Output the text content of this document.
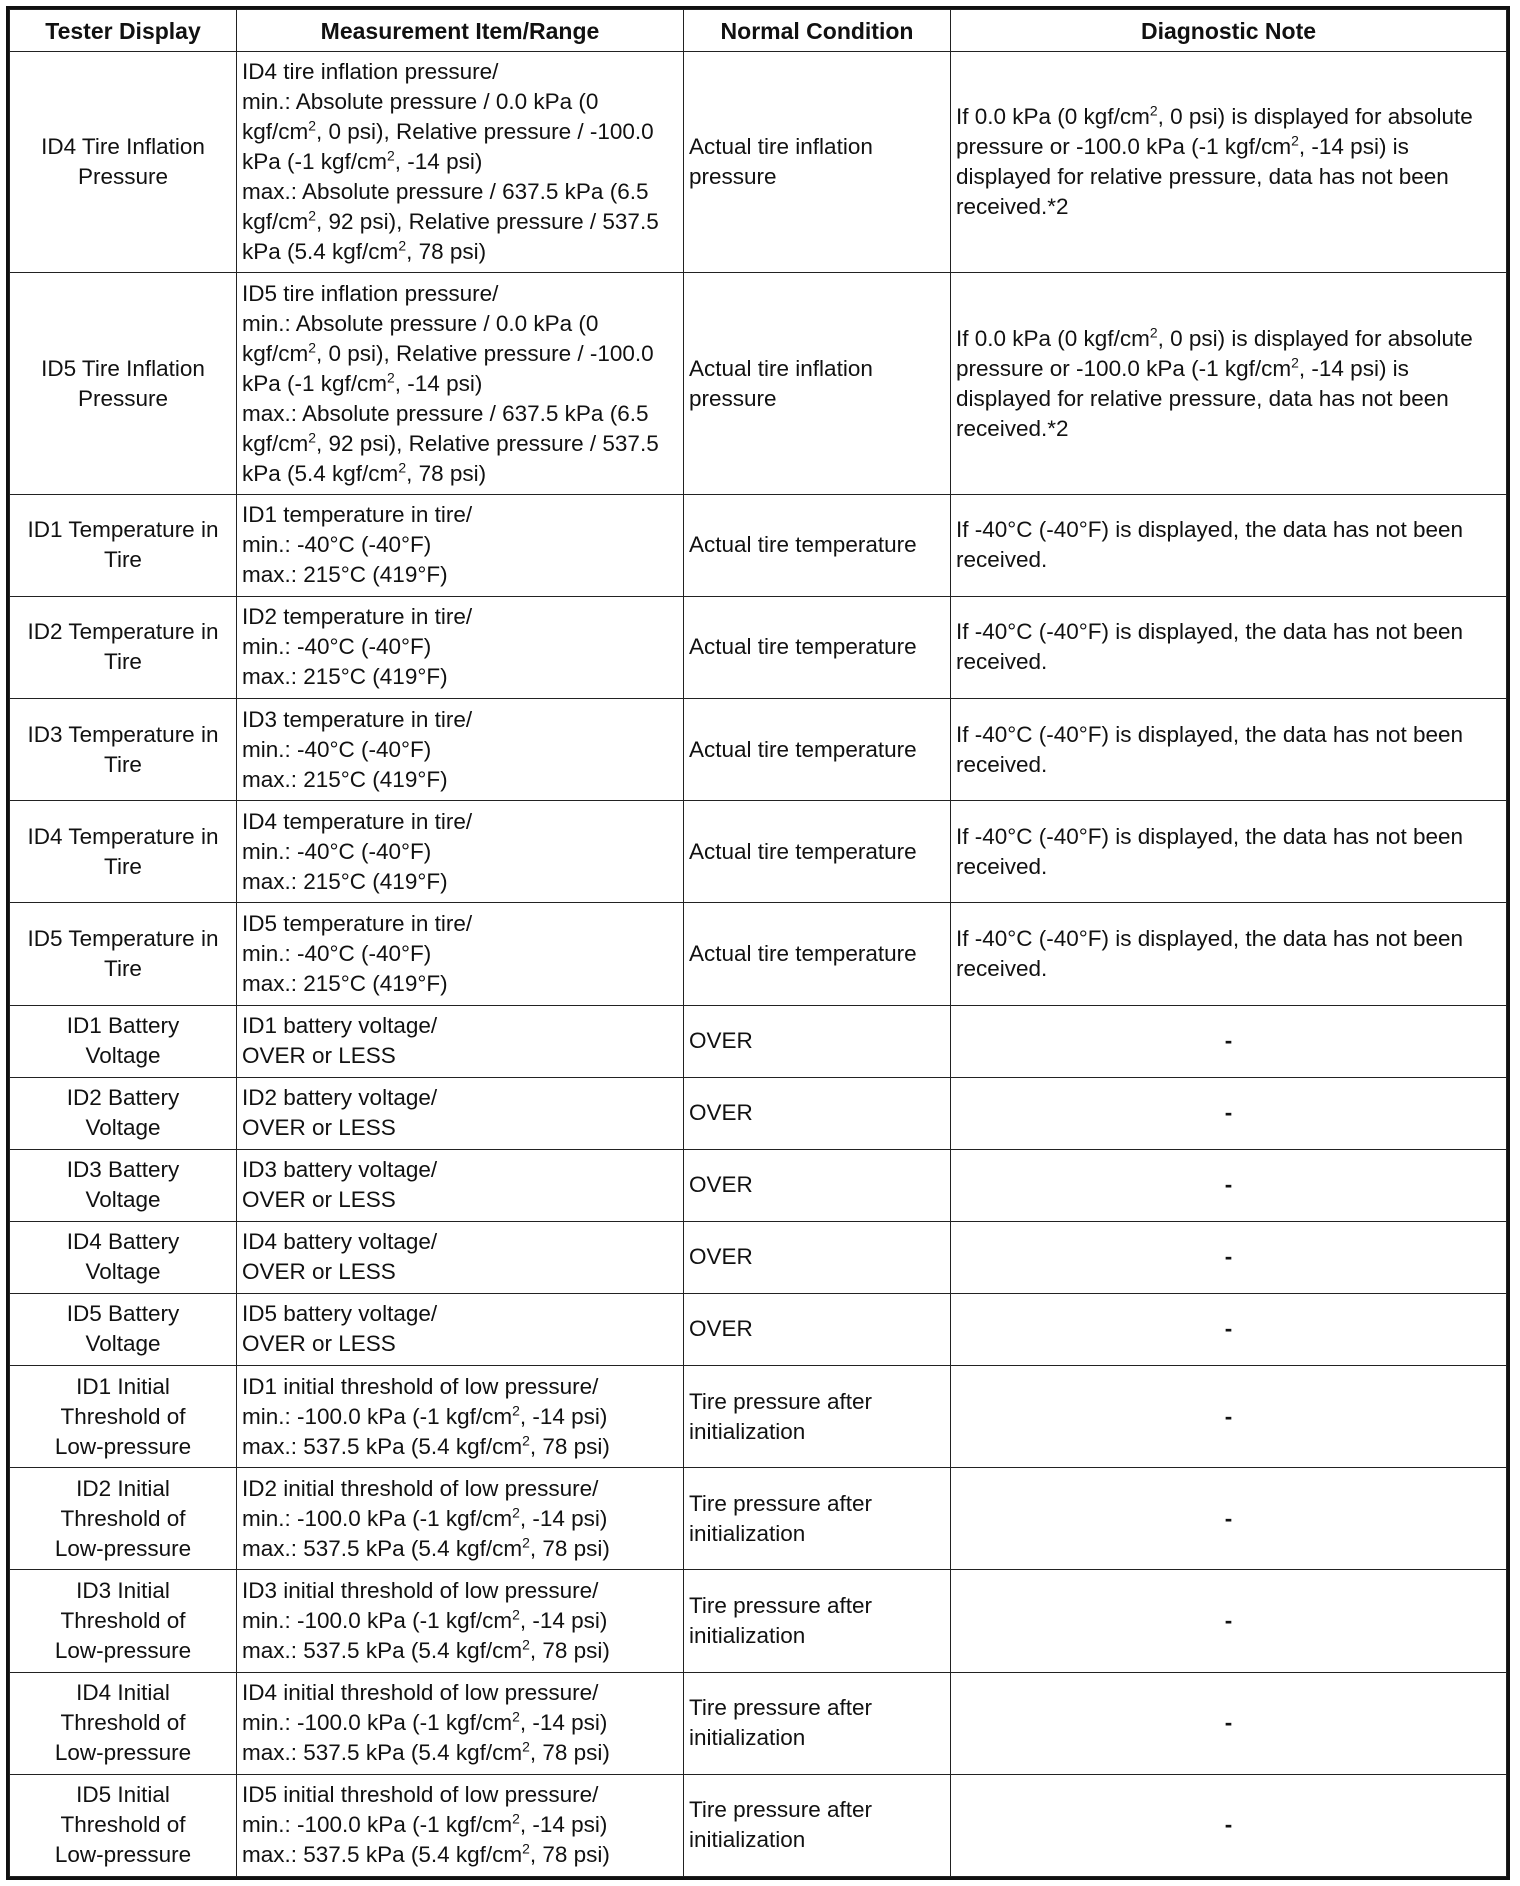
Tester Display	Measurement Item/Range	Normal Condition	Diagnostic Note
ID4 Tire Inflation
Pressure	ID4 tire inflation pressure/
min.: Absolute pressure / 0.0 kPa (0 kgf/$cm^2$, 0 psi), Relative pressure / -100.0 kPa (-1 kgf/$cm^2$, -14 psi)
max.: Absolute pressure / 637.5 kPa (6.5 kgf/$cm^2$, 92 psi), Relative pressure / 537.5 kPa (5.4 kgf/$cm^2$, 78 psi)	Actual tire inflation pressure	If 0.0 kPa (0 kgf/$cm^2$, 0 psi) is displayed for absolute pressure or -100.0 kPa (-1 kgf/$cm^2$, -14 psi) is displayed for relative pressure, data has not been received.*2
ID5 Tire Inflation
Pressure	ID5 tire inflation pressure/
min.: Absolute pressure / 0.0 kPa (0 kgf/$cm^2$, 0 psi), Relative pressure / -100.0 kPa (-1 kgf/$cm^2$, -14 psi)
max.: Absolute pressure / 637.5 kPa (6.5 kgf/$cm^2$, 92 psi), Relative pressure / 537.5 kPa (5.4 kgf/$cm^2$, 78 psi)	Actual tire inflation pressure	If 0.0 kPa (0 kgf/$cm^2$, 0 psi) is displayed for absolute pressure or -100.0 kPa (-1 kgf/$cm^2$, -14 psi) is displayed for relative pressure, data has not been received.*2
ID1 Temperature in
Tire	ID1 temperature in tire/
min.: -40°C (-40°F)
max.: 215°C (419°F)	Actual tire temperature	If -40°C (-40°F) is displayed, the data has not been received.
ID2 Temperature in
Tire	ID2 temperature in tire/
min.: -40°C (-40°F)
max.: 215°C (419°F)	Actual tire temperature	If -40°C (-40°F) is displayed, the data has not been received.
ID3 Temperature in
Tire	ID3 temperature in tire/
min.: -40°C (-40°F)
max.: 215°C (419°F)	Actual tire temperature	If -40°C (-40°F) is displayed, the data has not been received.
ID4 Temperature in
Tire	ID4 temperature in tire/
min.: -40°C (-40°F)
max.: 215°C (419°F)	Actual tire temperature	If -40°C (-40°F) is displayed, the data has not been received.
ID5 Temperature in
Tire	ID5 temperature in tire/
min.: -40°C (-40°F)
max.: 215°C (419°F)	Actual tire temperature	If -40°C (-40°F) is displayed, the data has not been received.
ID1 Battery
Voltage	ID1 battery voltage/
OVER or LESS	OVER	-
ID2 Battery
Voltage	ID2 battery voltage/
OVER or LESS	OVER	-
ID3 Battery
Voltage	ID3 battery voltage/
OVER or LESS	OVER	-
ID4 Battery
Voltage	ID4 battery voltage/
OVER or LESS	OVER	-
ID5 Battery
Voltage	ID5 battery voltage/
OVER or LESS	OVER	-
ID1 Initial
Threshold of
Low-pressure	ID1 initial threshold of low pressure/
min.: -100.0 kPa (-1 kgf/$cm^2$, -14 psi)
max.: 537.5 kPa (5.4 kgf/$cm^2$, 78 psi)	Tire pressure after initialization	-
ID2 Initial
Threshold of
Low-pressure	ID2 initial threshold of low pressure/
min.: -100.0 kPa (-1 kgf/$cm^2$, -14 psi)
max.: 537.5 kPa (5.4 kgf/$cm^2$, 78 psi)	Tire pressure after initialization	-
ID3 Initial
Threshold of
Low-pressure	ID3 initial threshold of low pressure/
min.: -100.0 kPa (-1 kgf/$cm^2$, -14 psi)
max.: 537.5 kPa (5.4 kgf/$cm^2$, 78 psi)	Tire pressure after initialization	-
ID4 Initial
Threshold of
Low-pressure	ID4 initial threshold of low pressure/
min.: -100.0 kPa (-1 kgf/$cm^2$, -14 psi)
max.: 537.5 kPa (5.4 kgf/$cm^2$, 78 psi)	Tire pressure after initialization	-
ID5 Initial
Threshold of
Low-pressure	ID5 initial threshold of low pressure/
min.: -100.0 kPa (-1 kgf/$cm^2$, -14 psi)
max.: 537.5 kPa (5.4 kgf/$cm^2$, 78 psi)	Tire pressure after initialization	-
